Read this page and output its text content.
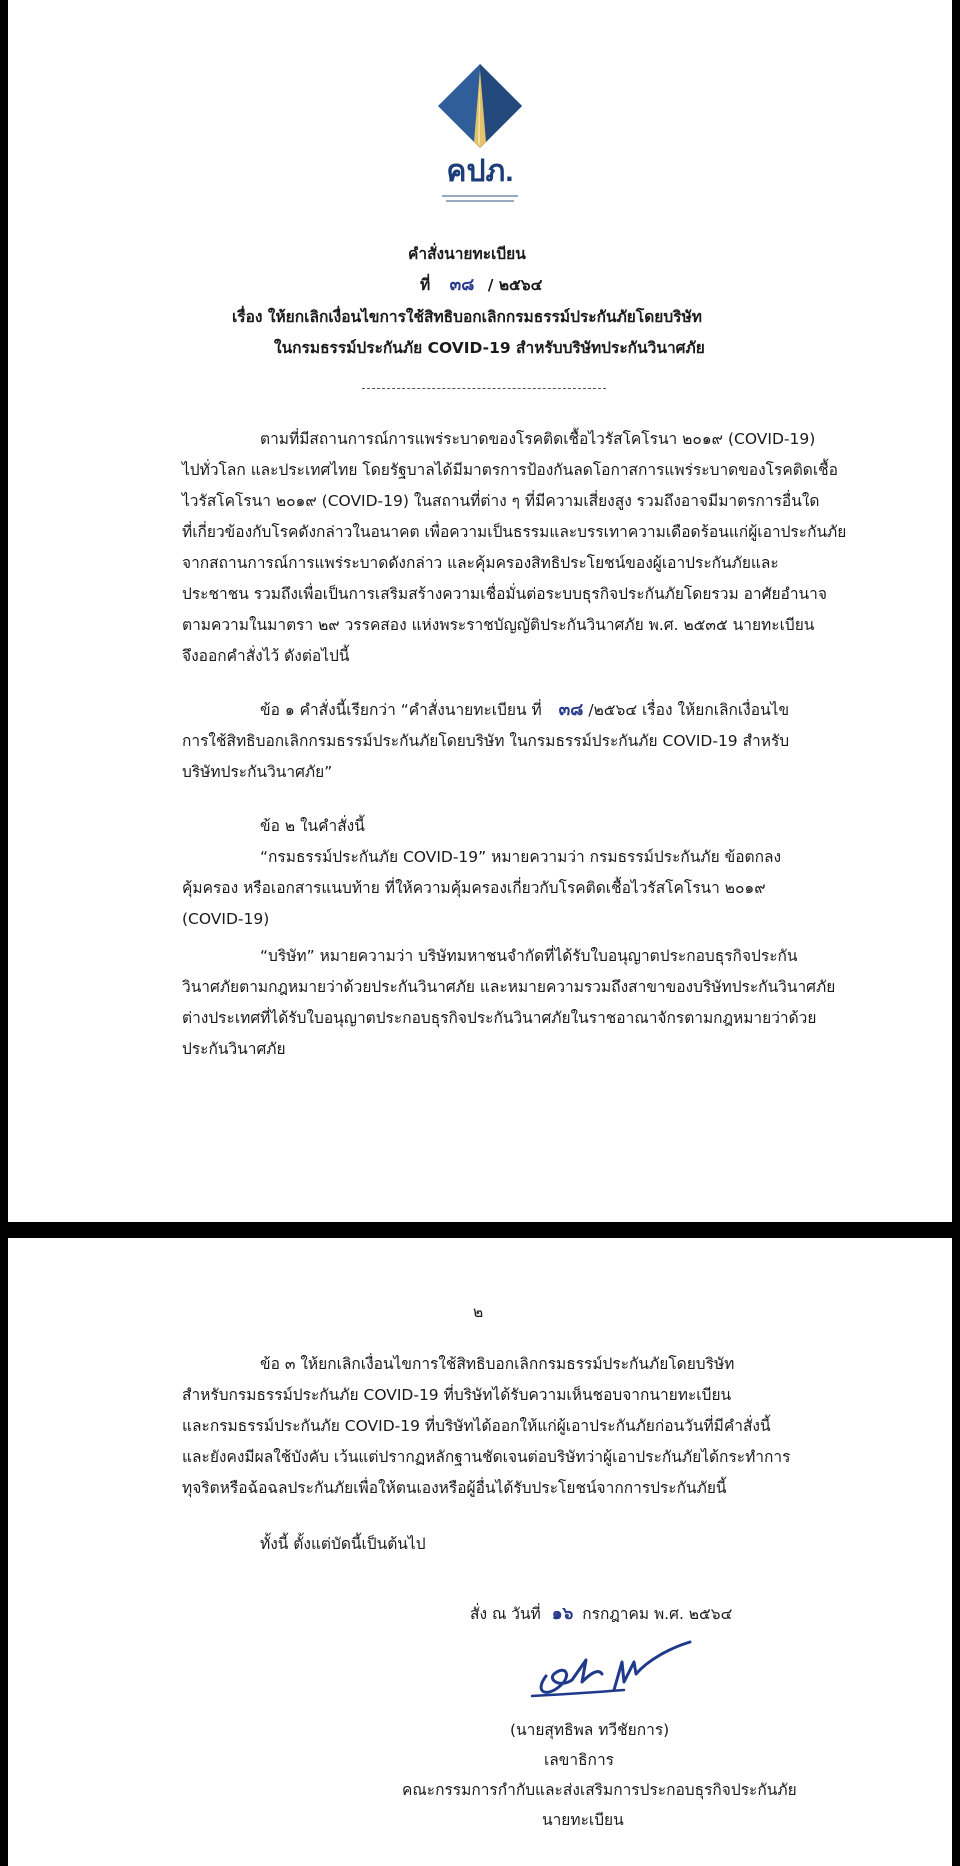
คปภ.
คำสั่งนายทะเบียน
ที่ ๓๘ / ๒๕๖๔
เรื่อง ให้ยกเลิกเงื่อนไขการใช้สิทธิบอกเลิกกรมธรรม์ประกันภัยโดยบริษัท
ในกรมธรรม์ประกันภัย COVID-19 สำหรับบริษัทประกันวินาศภัย
ตามที่มีสถานการณ์การแพร่ระบาดของโรคติดเชื้อไวรัสโคโรนา ๒๐๑๙ (COVID-19)
ไปทั่วโลก และประเทศไทย โดยรัฐบาลได้มีมาตรการป้องกันลดโอกาสการแพร่ระบาดของโรคติดเชื้อ
ไวรัสโคโรนา ๒๐๑๙ (COVID-19) ในสถานที่ต่าง ๆ ที่มีความเสี่ยงสูง รวมถึงอาจมีมาตรการอื่นใด
ที่เกี่ยวข้องกับโรคดังกล่าวในอนาคต เพื่อความเป็นธรรมและบรรเทาความเดือดร้อนแก่ผู้เอาประกันภัย
จากสถานการณ์การแพร่ระบาดดังกล่าว และคุ้มครองสิทธิประโยชน์ของผู้เอาประกันภัยและ
ประชาชน รวมถึงเพื่อเป็นการเสริมสร้างความเชื่อมั่นต่อระบบธุรกิจประกันภัยโดยรวม อาศัยอำนาจ
ตามความในมาตรา ๒๙ วรรคสอง แห่งพระราชบัญญัติประกันวินาศภัย พ.ศ. ๒๕๓๕ นายทะเบียน
จึงออกคำสั่งไว้ ดังต่อไปนี้
ข้อ ๑ คำสั่งนี้เรียกว่า “คำสั่งนายทะเบียน ที่ ๓๘ /๒๕๖๔ เรื่อง ให้ยกเลิกเงื่อนไข
การใช้สิทธิบอกเลิกกรมธรรม์ประกันภัยโดยบริษัท ในกรมธรรม์ประกันภัย COVID-19 สำหรับ
บริษัทประกันวินาศภัย”
ข้อ ๒ ในคำสั่งนี้
“กรมธรรม์ประกันภัย COVID-19” หมายความว่า กรมธรรม์ประกันภัย ข้อตกลง
คุ้มครอง หรือเอกสารแนบท้าย ที่ให้ความคุ้มครองเกี่ยวกับโรคติดเชื้อไวรัสโคโรนา ๒๐๑๙
(COVID-19)
“บริษัท” หมายความว่า บริษัทมหาชนจำกัดที่ได้รับใบอนุญาตประกอบธุรกิจประกัน
วินาศภัยตามกฎหมายว่าด้วยประกันวินาศภัย และหมายความรวมถึงสาขาของบริษัทประกันวินาศภัย
ต่างประเทศที่ได้รับใบอนุญาตประกอบธุรกิจประกันวินาศภัยในราชอาณาจักรตามกฎหมายว่าด้วย
ประกันวินาศภัย
๒
ข้อ ๓ ให้ยกเลิกเงื่อนไขการใช้สิทธิบอกเลิกกรมธรรม์ประกันภัยโดยบริษัท
สำหรับกรมธรรม์ประกันภัย COVID-19 ที่บริษัทได้รับความเห็นชอบจากนายทะเบียน
และกรมธรรม์ประกันภัย COVID-19 ที่บริษัทได้ออกให้แก่ผู้เอาประกันภัยก่อนวันที่มีคำสั่งนี้
และยังคงมีผลใช้บังคับ เว้นแต่ปรากฏหลักฐานชัดเจนต่อบริษัทว่าผู้เอาประกันภัยได้กระทำการ
ทุจริตหรือฉ้อฉลประกันภัยเพื่อให้ตนเองหรือผู้อื่นได้รับประโยชน์จากการประกันภัยนี้
ทั้งนี้ ตั้งแต่บัดนี้เป็นต้นไป
สั่ง ณ วันที่ ๑๖ กรกฎาคม พ.ศ. ๒๕๖๔
(นายสุทธิพล ทวีชัยการ)
เลขาธิการ
คณะกรรมการกำกับและส่งเสริมการประกอบธุรกิจประกันภัย
นายทะเบียน
